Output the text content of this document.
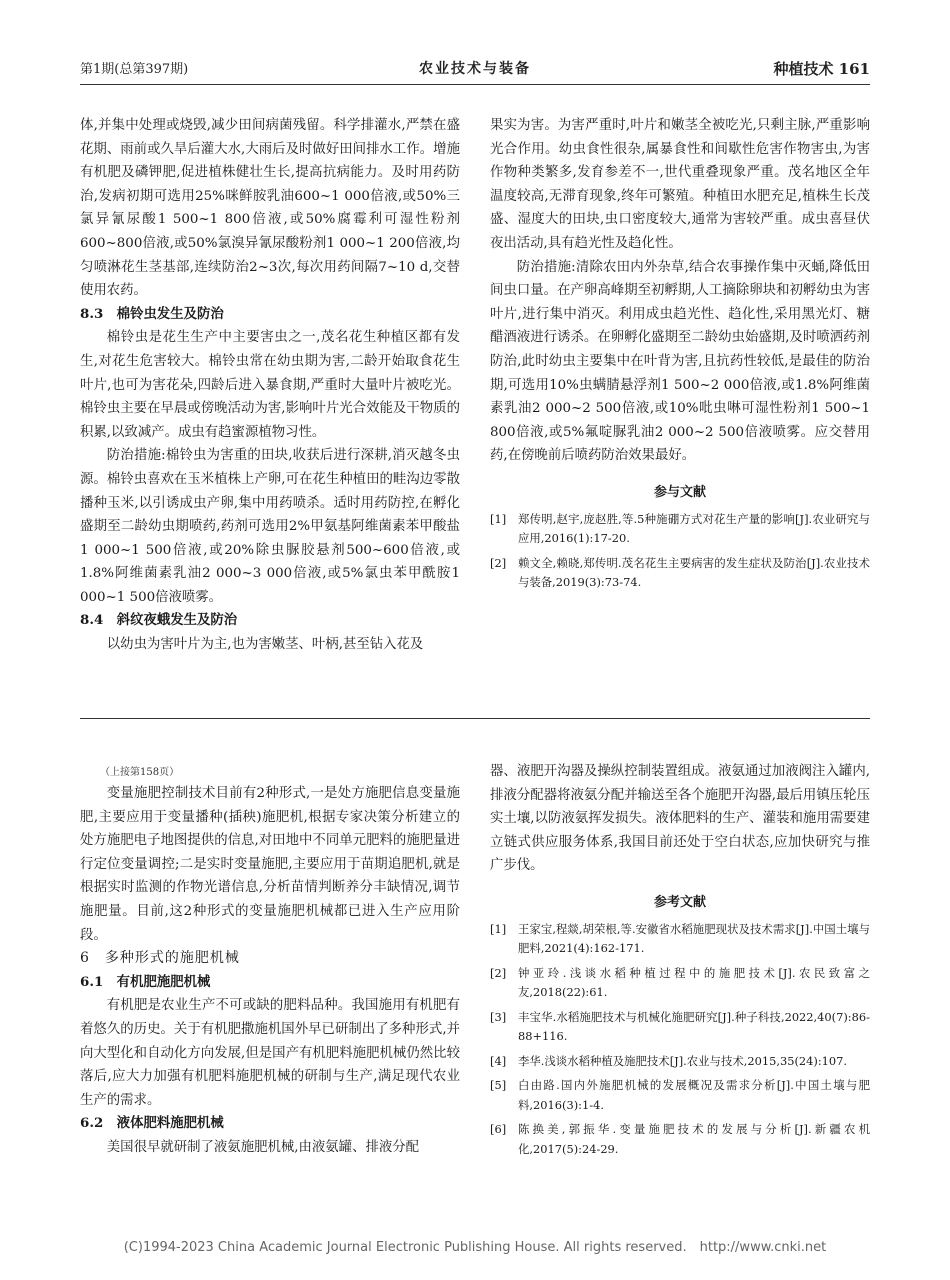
第1期(总第397期)	农业技术与装备	种植技术 161

体,并集中处理或烧毁,减少田间病菌残留。科学排灌水,严禁在盛花期、雨前或久旱后灌大水,大雨后及时做好田间排水工作。增施有机肥及磷钾肥,促进植株健壮生长,提高抗病能力。及时用药防治,发病初期可选用25%咪鲜胺乳油600~1 000倍液,或50%三氯异氰尿酸1 500~1 800倍液,或50%腐霉利可湿性粉剂600~800倍液,或50%氯溴异氰尿酸粉剂1 000~1 200倍液,均匀喷淋花生茎基部,连续防治2~3次,每次用药间隔7~10 d,交替使用农药。

8.3　棉铃虫发生及防治

棉铃虫是花生生产中主要害虫之一,茂名花生种植区都有发生,对花生危害较大。棉铃虫常在幼虫期为害,二龄开始取食花生叶片,也可为害花朵,四龄后进入暴食期,严重时大量叶片被吃光。棉铃虫主要在早晨或傍晚活动为害,影响叶片光合效能及干物质的积累,以致减产。成虫有趋蜜源植物习性。

防治措施:棉铃虫为害重的田块,收获后进行深耕,消灭越冬虫源。棉铃虫喜欢在玉米植株上产卵,可在花生种植田的畦沟边零散播种玉米,以引诱成虫产卵,集中用药喷杀。适时用药防控,在孵化盛期至二龄幼虫期喷药,药剂可选用2%甲氨基阿维菌素苯甲酸盐1 000~1 500倍液,或20%除虫脲胶悬剂500~600倍液,或1.8%阿维菌素乳油2 000~3 000倍液,或5%氯虫苯甲酰胺1 000~1 500倍液喷雾。

8.4　斜纹夜蛾发生及防治

以幼虫为害叶片为主,也为害嫩茎、叶柄,甚至钻入花及

果实为害。为害严重时,叶片和嫩茎全被吃光,只剩主脉,严重影响光合作用。幼虫食性很杂,属暴食性和间歇性危害作物害虫,为害作物种类繁多,发育参差不一,世代重叠现象严重。茂名地区全年温度较高,无滞育现象,终年可繁殖。种植田水肥充足,植株生长茂盛、湿度大的田块,虫口密度较大,通常为害较严重。成虫喜昼伏夜出活动,具有趋光性及趋化性。

防治措施:清除农田内外杂草,结合农事操作集中灭蛹,降低田间虫口量。在产卵高峰期至初孵期,人工摘除卵块和初孵幼虫为害叶片,进行集中消灭。利用成虫趋光性、趋化性,采用黑光灯、糖醋酒液进行诱杀。在卵孵化盛期至二龄幼虫始盛期,及时喷洒药剂防治,此时幼虫主要集中在叶背为害,且抗药性较低,是最佳的防治期,可选用10%虫螨腈悬浮剂1 500~2 000倍液,或1.8%阿维菌素乳油2 000~2 500倍液,或10%吡虫啉可湿性粉剂1 500~1 800倍液,或5%氟啶脲乳油2 000~2 500倍液喷雾。应交替用药,在傍晚前后喷药防治效果最好。

参与文献
[1]	郑传明,赵宇,庞赵胜,等.5种施硼方式对花生产量的影响[J].农业研究与应用,2016(1):17-20.
[2]	赖文全,赖晓,郑传明.茂名花生主要病害的发生症状及防治[J].农业技术与装备,2019(3):73-74.

（上接第158页）

变量施肥控制技术目前有2种形式,一是处方施肥信息变量施肥,主要应用于变量播种(插秧)施肥机,根据专家决策分析建立的处方施肥电子地图提供的信息,对田地中不同单元肥料的施肥量进行定位变量调控;二是实时变量施肥,主要应用于苗期追肥机,就是根据实时监测的作物光谱信息,分析苗情判断养分丰缺情况,调节施肥量。目前,这2种形式的变量施肥机械都已进入生产应用阶段。

6　多种形式的施肥机械
6.1　有机肥施肥机械

有机肥是农业生产不可或缺的肥料品种。我国施用有机肥有着悠久的历史。关于有机肥撒施机国外早已研制出了多种形式,并向大型化和自动化方向发展,但是国产有机肥料施肥机械仍然比较落后,应大力加强有机肥料施肥机械的研制与生产,满足现代农业生产的需求。

6.2　液体肥料施肥机械

美国很早就研制了液氨施肥机械,由液氨罐、排液分配

器、液肥开沟器及操纵控制装置组成。液氨通过加液阀注入罐内,排液分配器将液氨分配并输送至各个施肥开沟器,最后用镇压轮压实土壤,以防液氨挥发损失。液体肥料的生产、灌装和施用需要建立链式供应服务体系,我国目前还处于空白状态,应加快研究与推广步伐。

参考文献
[1]	王家宝,程燚,胡荣根,等.安徽省水稻施肥现状及技术需求[J].中国土壤与肥料,2021(4):162-171.
[2]	钟亚玲.浅谈水稻种植过程中的施肥技术[J].农民致富之友,2018(22):61.
[3]	丰宝华.水稻施肥技术与机械化施肥研究[J].种子科技,2022,40(7):86-88+116.
[4]	李华.浅谈水稻种植及施肥技术[J].农业与技术,2015,35(24):107.
[5]	白由路.国内外施肥机械的发展概况及需求分析[J].中国土壤与肥料,2016(3):1-4.
[6]	陈换美,郭振华.变量施肥技术的发展与分析[J].新疆农机化,2017(5):24-29.
(C)1994-2023 China Academic Journal Electronic Publishing House. All rights reserved.　http://www.cnki.net
